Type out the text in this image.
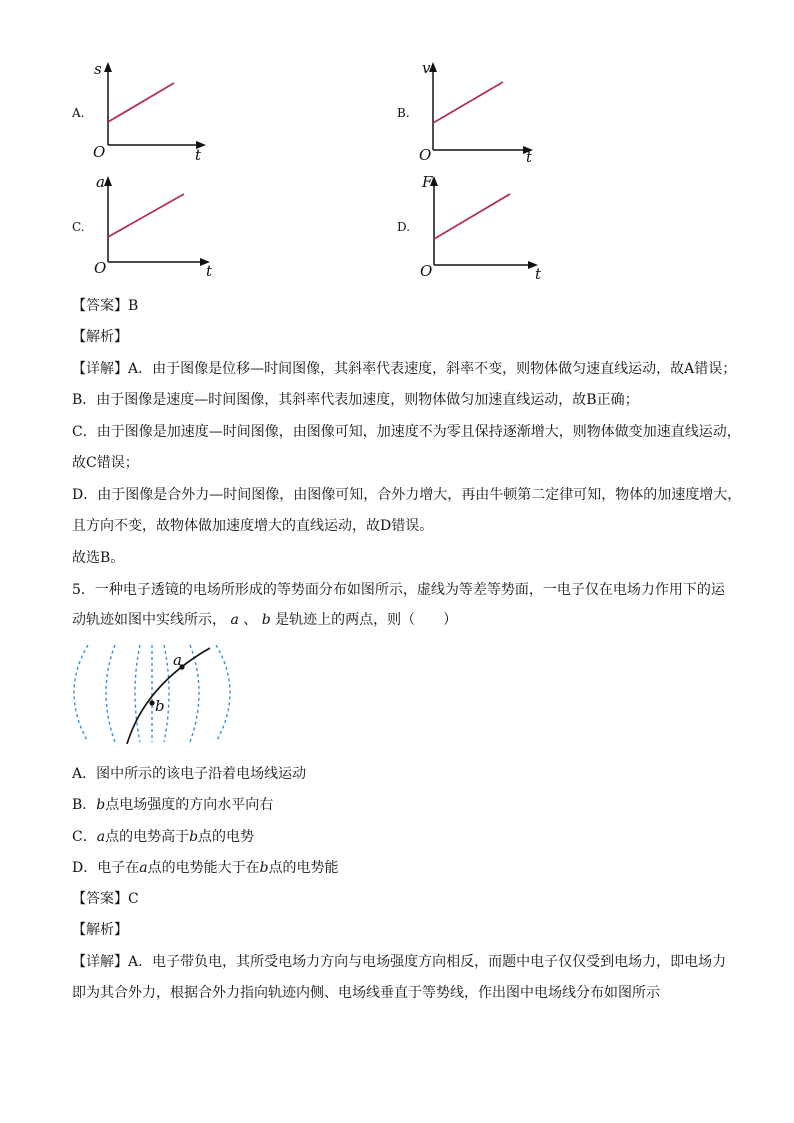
A.
s
O	t
B.
v
O	t
C.
a
O	t
D.
F
O	t
【答案】B
【解析】
【详解】A．由于图像是位移—时间图像，其斜率代表速度，斜率不变，则物体做匀速直线运动，故A错误；
B．由于图像是速度—时间图像，其斜率代表加速度，则物体做匀加速直线运动，故B正确；
C．由于图像是加速度—时间图像，由图像可知，加速度不为零且保持逐渐增大，则物体做变加速直线运动，
故C错误；
D．由于图像是合外力—时间图像，由图像可知，合外力增大，再由牛顿第二定律可知，物体的加速度增大，
且方向不变，故物体做加速度增大的直线运动，故D错误。
故选B。
5．一种电子透镜的电场所形成的等势面分布如图所示，虚线为等差等势面，一电子仅在电场力作用下的运
动轨迹如图中实线所示， a 、 b 是轨迹上的两点，则（　　）
a
b
A．图中所示的该电子沿着电场线运动
B．b点电场强度的方向水平向右
C．a点的电势高于b点的电势
D．电子在a点的电势能大于在b点的电势能
【答案】C
【解析】
【详解】A．电子带负电，其所受电场力方向与电场强度方向相反，而题中电子仅仅受到电场力，即电场力
即为其合外力，根据合外力指向轨迹内侧、电场线垂直于等势线，作出图中电场线分布如图所示
